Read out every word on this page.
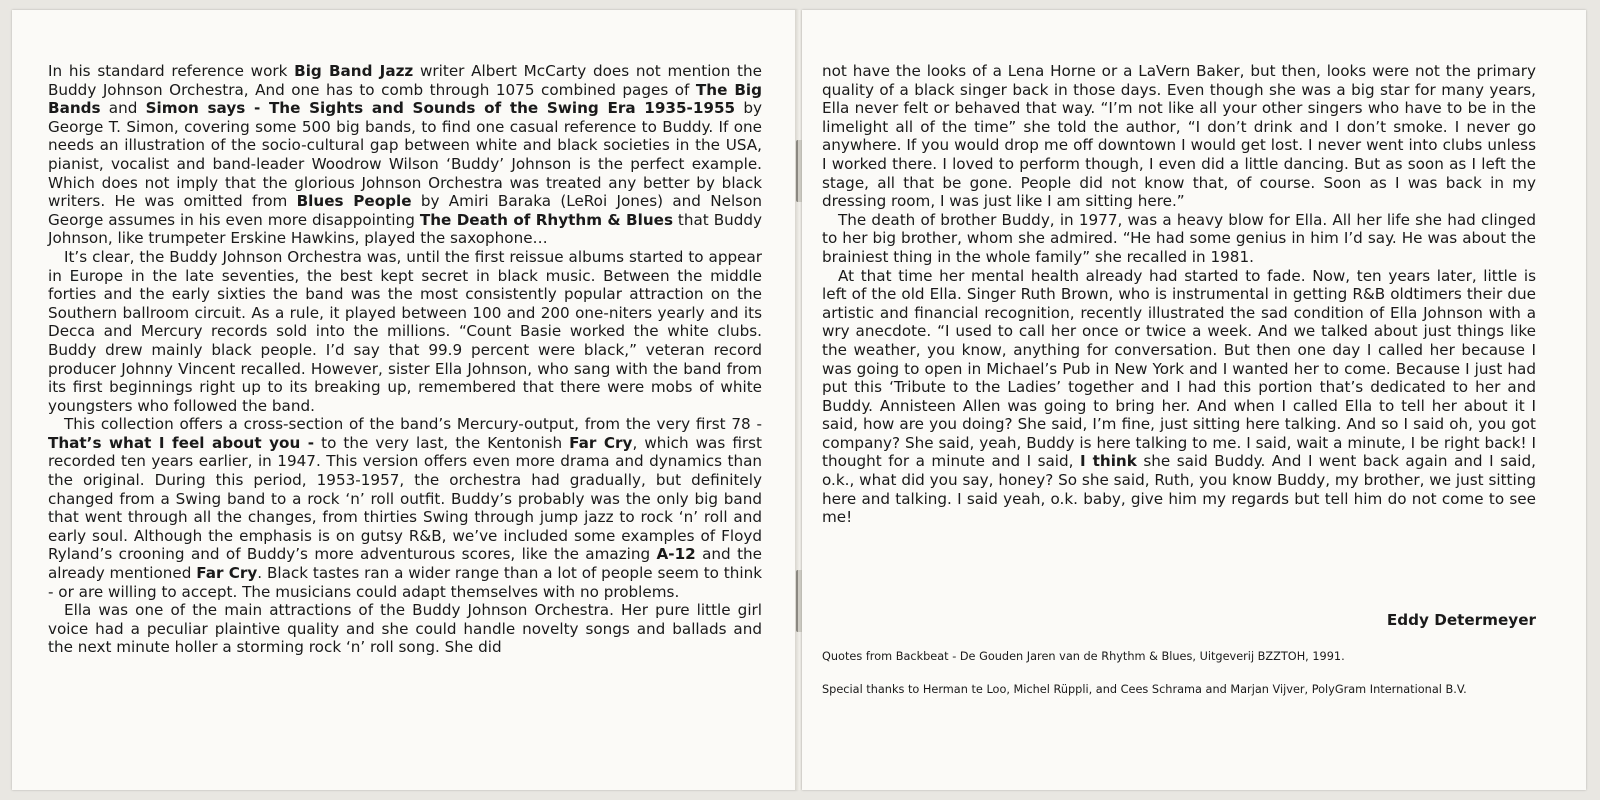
In his standard reference work Big Band Jazz writer Albert McCarty does not mention the Buddy Johnson Orchestra, And one has to comb through 1075 combined pages of The Big Bands and Simon says - The Sights and Sounds of the Swing Era 1935-1955 by George T. Simon, covering some 500 big bands, to find one casual reference to Buddy. If one needs an illustration of the socio-cultural gap between white and black societies in the USA, pianist, vocalist and band-leader Woodrow Wilson ‘Buddy’ Johnson is the perfect example. Which does not imply that the glorious Johnson Orchestra was treated any better by black writers. He was omitted from Blues People by Amiri Baraka (LeRoi Jones) and Nelson George assumes in his even more disappointing The Death of Rhythm & Blues that Buddy Johnson, like trumpeter Erskine Hawkins, played the saxophone…

It’s clear, the Buddy Johnson Orchestra was, until the first reissue albums started to appear in Europe in the late seventies, the best kept secret in black music. Between the middle forties and the early sixties the band was the most consistently popular attraction on the Southern ballroom circuit. As a rule, it played between 100 and 200 one-niters yearly and its Decca and Mercury records sold into the millions. “Count Basie worked the white clubs. Buddy drew mainly black people. I’d say that 99.9 percent were black,” veteran record producer Johnny Vincent recalled. However, sister Ella Johnson, who sang with the band from its first beginnings right up to its breaking up, remembered that there were mobs of white youngsters who followed the band.

This collection offers a cross-section of the band’s Mercury-output, from the very first 78 - That’s what I feel about you - to the very last, the Kentonish Far Cry, which was first recorded ten years earlier, in 1947. This version offers even more drama and dynamics than the original. During this period, 1953-1957, the orchestra had gradually, but definitely changed from a Swing band to a rock ‘n’ roll outfit. Buddy’s probably was the only big band that went through all the changes, from thirties Swing through jump jazz to rock ‘n’ roll and early soul. Although the emphasis is on gutsy R&B, we’ve included some examples of Floyd Ryland’s crooning and of Buddy’s more adventurous scores, like the amazing A-12 and the already mentioned Far Cry. Black tastes ran a wider range than a lot of people seem to think - or are willing to accept. The musicians could adapt themselves with no problems.

Ella was one of the main attractions of the Buddy Johnson Orchestra. Her pure little girl voice had a peculiar plaintive quality and she could handle novelty songs and ballads and the next minute holler a storming rock ‘n’ roll song. She did

not have the looks of a Lena Horne or a LaVern Baker, but then, looks were not the primary quality of a black singer back in those days. Even though she was a big star for many years, Ella never felt or behaved that way. “I’m not like all your other singers who have to be in the limelight all of the time” she told the author, “I don’t drink and I don’t smoke. I never go anywhere. If you would drop me off downtown I would get lost. I never went into clubs unless I worked there. I loved to perform though, I even did a little dancing. But as soon as I left the stage, all that be gone. People did not know that, of course. Soon as I was back in my dressing room, I was just like I am sitting here.”

The death of brother Buddy, in 1977, was a heavy blow for Ella. All her life she had clinged to her big brother, whom she admired. “He had some genius in him I’d say. He was about the brainiest thing in the whole family” she recalled in 1981.

At that time her mental health already had started to fade. Now, ten years later, little is left of the old Ella. Singer Ruth Brown, who is instrumental in getting R&B oldtimers their due artistic and financial recognition, recently illustrated the sad condition of Ella Johnson with a wry anecdote. “I used to call her once or twice a week. And we talked about just things like the weather, you know, anything for conversation. But then one day I called her because I was going to open in Michael’s Pub in New York and I wanted her to come. Because I just had put this ‘Tribute to the Ladies’ together and I had this portion that’s dedicated to her and Buddy. Annisteen Allen was going to bring her. And when I called Ella to tell her about it I said, how are you doing? She said, I’m fine, just sitting here talking. And so I said oh, you got company? She said, yeah, Buddy is here talking to me. I said, wait a minute, I be right back! I thought for a minute and I said, I think she said Buddy. And I went back again and I said, o.k., what did you say, honey? So she said, Ruth, you know Buddy, my brother, we just sitting here and talking. I said yeah, o.k. baby, give him my regards but tell him do not come to see me!

Eddy Determeyer
Quotes from Backbeat - De Gouden Jaren van de Rhythm & Blues, Uitgeverij BZZTOH, 1991.
Special thanks to Herman te Loo, Michel Rüppli, and Cees Schrama and Marjan Vijver, PolyGram International B.V.
